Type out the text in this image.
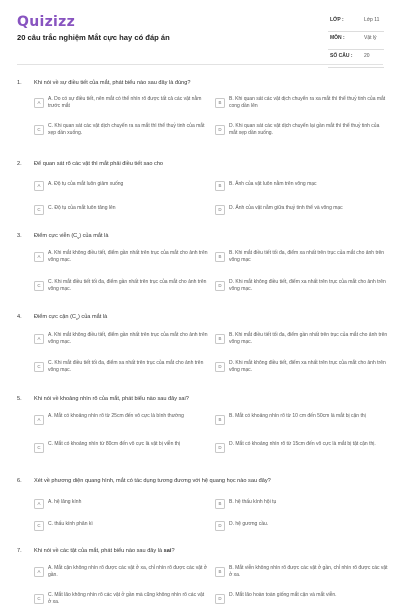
Quizizz
20 câu trắc nghiệm Mắt cực hay có đáp án
LỚP :	Lớp 11
MÔN :	Vật lý
SỐ CÂU : 20
1. Khi nói về sự điều tiết của mắt, phát biểu nào sau đây là đúng?
A
A. Do có sự điều tiết, nên mắt có thể nhìn rõ được tất cả các vật nằm trước mắt
B
B. Khi quan sát các vật dịch chuyển ra xa mắt thì thể thuỷ tinh của mắt cong dần lên
C
C. Khi quan sát các vật dịch chuyển ra xa mắt thì thể thuỷ tinh của mắt xẹp dần xuống.
D
D. Khi quan sát các vật dịch chuyển lại gần mắt thì thể thuỷ tinh của mắt xẹp dần xuống.
2. Để quan sát rõ các vật thì mắt phải điều tiết sao cho
A	A. Độ tụ của mắt luôn giảm xuống	B	B. Ảnh của vật luôn nằm trên võng mạc
C	C. Độ tụ của mắt luôn tăng lên	D	D. Ảnh của vật nằm giữa thuỷ tinh thể và võng mạc
3. Điểm cực viễn $(C_v)$ của mắt là
A
A. Khi mắt không điều tiết, điểm gần nhất trên trục của mắt cho ảnh trên võng mạc.
B
B. Khi mắt điều tiết tối đa, điểm xa nhất trên trục của mắt cho ảnh trên võng mạc
C
C. Khi mắt điều tiết tối đa, điểm gần nhất trên trục của mắt cho ảnh trên võng mạc.
D
D. Khi mắt không điều tiết, điểm xa nhất trên trục của mắt cho ảnh trên võng mạc.
4. Điểm cực cận $(C_c)$ của mắt là
A
A. Khi mắt không điều tiết, điểm gần nhất trên trục của mắt cho ảnh trên võng mạc.
B
B. Khi mắt điều tiết tối đa, điểm gần nhất trên trục của mắt cho ảnh trên võng mạc.
C
C. Khi mắt điều tiết tối đa, điểm xa nhất trên trục của mắt cho ảnh trên võng mạc.
D
D. Khi mắt không điều tiết, điểm xa nhất trên trục của mắt cho ảnh trên võng mạc.
5. Khi nói về khoảng nhìn rõ của mắt, phát biểu nào sau đây sai?
A
A. Mắt có khoảng nhìn rõ từ 25cm đến vô cực là bình thường
B
B. Mắt có khoảng nhìn rõ từ 10 cm đến 50cm là mắt bị cận thị
C
C. Mắt có khoảng nhìn từ 80cm đến vô cực là vật bị viễn thị
D
D. Mắt có khoảng nhìn rõ từ 15cm đến vô cực là mắt bị tật cận thị.
6. Xét về phương diện quang hình, mắt có tác dụng tương đương với hệ quang học nào sau đây?
A	A. hệ lăng kính	B	B. hệ thấu kính hội tụ
C	C. thấu kính phân kì	D	D. hệ gương cầu.
7. Khi nói về các tật của mắt, phát biểu nào sau đây là sai?
A
A. Mắt cận không nhìn rõ được các vật ở xa, chỉ nhìn rõ được các vật ở gần.
B
B. Mắt viễn không nhìn rõ được các vật ở gần, chỉ nhìn rõ được các vật ở xa.
C
C. Mắt lão không nhìn rõ các vật ở gần mà cũng không nhìn rõ các vật ở xa.
D
D. Mắt lão hoàn toàn giống mắt cận và mắt viễn.
